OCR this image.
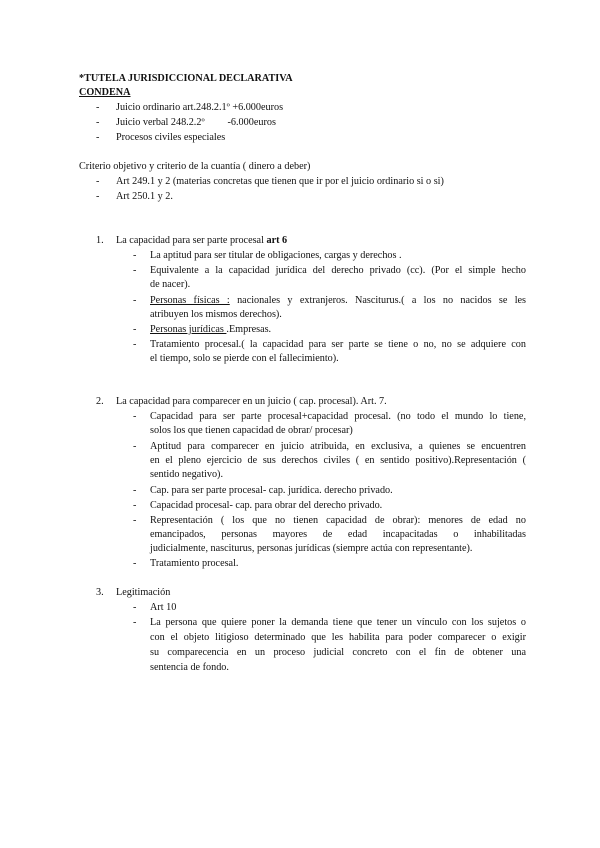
*TUTELA JURISDICCIONAL DECLARATIVA
CONDENA
- Juicio ordinario art.248.2.1º +6.000euros
- Juicio verbal 248.2.2º         -6.000euros
- Procesos civiles especiales
Criterio objetivo y criterio de la cuantía ( dinero a deber)
- Art 249.1 y 2 (materias concretas que tienen que ir por el juicio ordinario si o si)
- Art 250.1 y 2.
1. La capacidad para ser parte procesal art 6
- La aptitud para ser titular de obligaciones, cargas y derechos .
- Equivalente a la capacidad jurídica del derecho privado (cc). (Por el simple hecho
de nacer).
- Personas físicas : nacionales y extranjeros. Nasciturus.( a los no nacidos se les
atribuyen los mismos derechos).
- Personas jurídicas .Empresas.
- Tratamiento procesal.( la capacidad para ser parte se tiene o no, no se adquiere con
el tiempo, solo se pierde con el fallecimiento).
2. La capacidad para comparecer en un juicio ( cap. procesal). Art. 7.
- Capacidad para ser parte procesal+capacidad procesal. (no todo el mundo lo tiene,
solos los que tienen capacidad de obrar/ procesar)
- Aptitud para comparecer en juicio atribuida, en exclusiva, a quienes se encuentren
en el pleno ejercicio de sus derechos civiles ( en sentido positivo).Representación (
sentido negativo).
- Cap. para ser parte procesal- cap. jurídica. derecho privado.
- Capacidad procesal- cap. para obrar del derecho privado.
- Representación ( los que no tienen capacidad de obrar): menores de edad no
emancipados, personas mayores de edad incapacitadas o inhabilitadas
judicialmente, nasciturus, personas jurídicas (siempre actúa con representante).
- Tratamiento procesal.
3. Legitimación
- Art 10
- La persona que quiere poner la demanda tiene que tener un vínculo con los sujetos o
con el objeto litigioso determinado que les habilita para poder comparecer o exigir
su comparecencia en un proceso judicial concreto con el fin de obtener una
sentencia de fondo.
